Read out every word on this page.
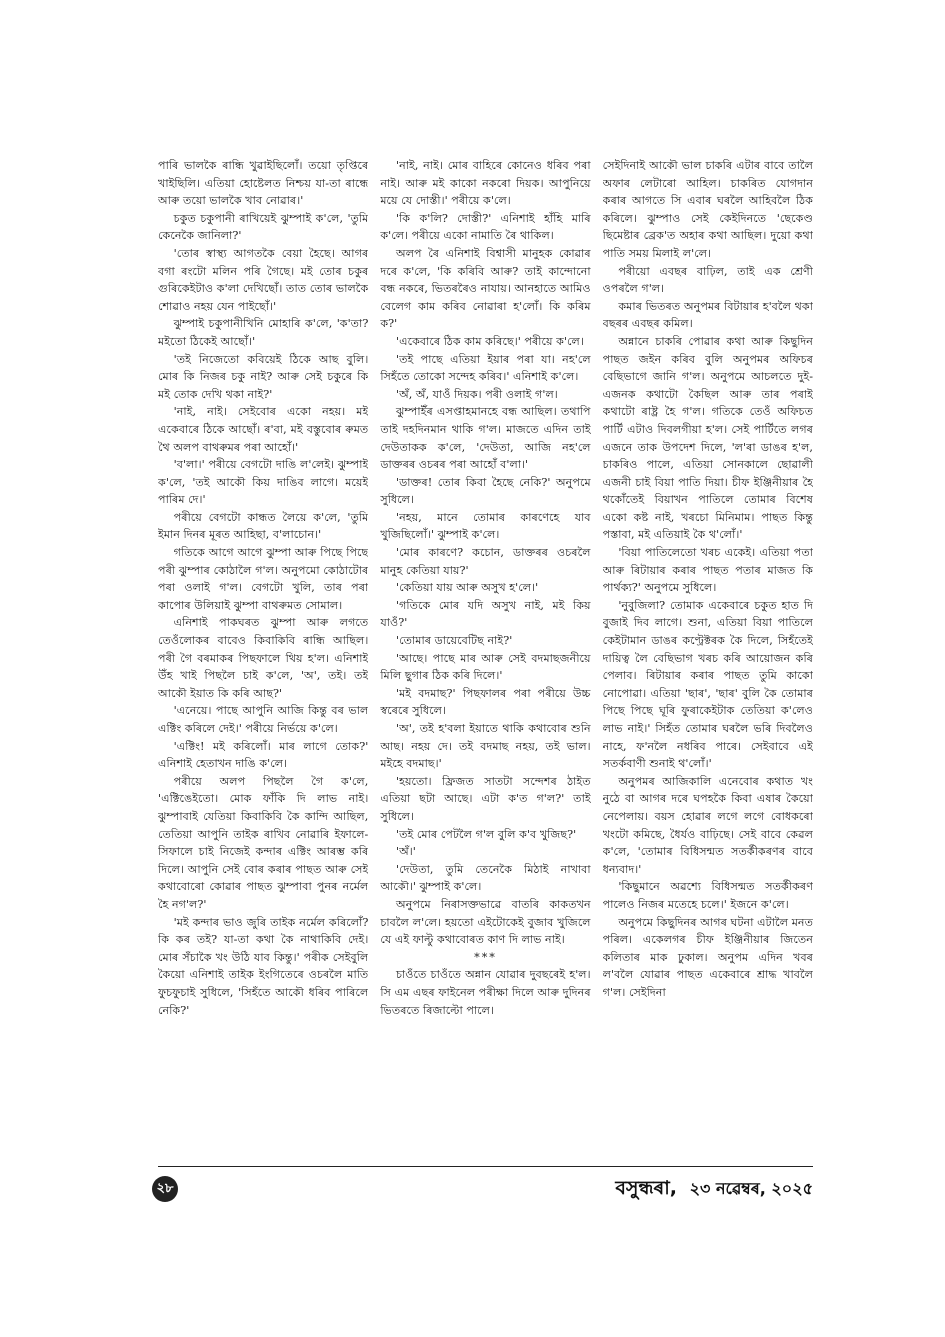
পাৰি ভালকৈ ৰান্ধি খুৱাইছিলোঁ। তয়ো তৃপ্তিৰে খাইছিলি। এতিয়া হোষ্টেলত নিশ্চয় যা-তা ৰান্ধে আৰু তয়ো ভালকৈ খাব নোৱাৰ।'

চকুত চকুপানী ৰাখিয়েই ঝুম্পাই ক'লে, 'তুমি কেনেকৈ জানিলা?'

'তোৰ স্বাস্থ্য আগতকৈ বেয়া হৈছে। আগৰ বগা ৰংটো মলিন পৰি গৈছে। মই তোৰ চকুৰ গুৰিকেইটাও ক'লা দেখিছোঁ। তাত তোৰ ভালকৈ শোৱাও নহয় যেন পাইছোঁ।'

ঝুম্পাই চকুপানীখিনি মোহাৰি ক'লে, 'ক'তা? মইতো ঠিকেই আছোঁ।'

'তই নিজেতো কবিয়েই ঠিকে আছ বুলি। মোৰ কি নিজৰ চকু নাই? আৰু সেই চকুৰে কি মই তোক দেখি থকা নাই?'

'নাই, নাই। সেইবোৰ একো নহয়। মই একেবাৰে ঠিকে আছোঁ। ৰ'বা, মই বস্তুবোৰ ৰুমত থৈ অলপ বাথৰুমৰ পৰা আহোঁ।'

'ব'লা।' পৰীয়ে বেগটো দাঙি ল'লেই। ঝুম্পাই ক'লে, 'তই আকৌ কিয় দাঙিব লাগে। ময়েই পাৰিম দে।'

পৰীয়ে বেগটো কান্ধত লৈয়ে ক'লে, 'তুমি ইমান দিনৰ মূৰত আহিছা, ব'লাচোন।'

গতিকে আগে আগে ঝুম্পা আৰু পিছে পিছে পৰী ঝুম্পাৰ কোঠালৈ গ'ল। অনুপমো কোঠাটোৰ পৰা ওলাই গ'ল। বেগটো খুলি, তাৰ পৰা কাপোৰ উলিয়াই ঝুম্পা বাথৰুমত সোমাল।

এনিশাই পাকঘৰত ঝুম্পা আৰু লগতে তেওঁলোকৰ বাবেও কিবাকিবি ৰান্ধি আছিল। পৰী গৈ বৰমাকৰ পিছফালে থিয় হ'ল। এনিশাই উঁহ খাই পিছলৈ চাই ক'লে, 'অ', তই। তই আকৌ ইয়াত কি কৰি আছ?'

'এনেয়ে। পাছে আপুনি আজি কিন্তু বৰ ভাল এক্টিং কৰিলে দেই।' পৰীয়ে নিৰ্ভয়ে ক'লে।

'এক্টিং! মই কৰিলোঁ। মাৰ লাগে তোক?' এনিশাই হেতাখন দাঙি ক'লে।

পৰীয়ে অলপ পিছলৈ গৈ ক'লে, 'এক্টিঙেইতো। মোক ফাঁকি দি লাভ নাই। ঝুম্পাবাই যেতিয়া কিবাকিবি কৈ কান্দি আছিল, তেতিয়া আপুনি তাইক ৰাখিব নোৱাৰি ইফালে-সিফালে চাই নিজেই কন্দাৰ এক্টিং আৰম্ভ কৰি দিলে। আপুনি সেই বোৰ কৰাৰ পাছত আৰু সেই কথাবোৰো কোৱাৰ পাছত ঝুম্পাবা পুনৰ নৰ্মেল হৈ নগ'ল?'

'মই কন্দাৰ ভাও জুৰি তাইক নৰ্মেল কৰিলোঁ? কি কৰ তই? যা-তা কথা কৈ নাথাকিবি দেই। মোৰ সঁচাকৈ খং উঠি যাব কিন্তু।' পৰীক সেইবুলি কৈয়ো এনিশাই তাইক ইংগিতেৰে ওচৰলৈ মাতি ফুচফুচাই সুধিলে, 'সিহঁতে আকৌ ধৰিব পাৰিলে নেকি?'

'নাই, নাই। মোৰ বাহিৰে কোনেও ধৰিব পৰা নাই। আৰু মই কাকো নকৰো দিয়ক। আপুনিয়ে ময়ে যে দোস্তী।' পৰীয়ে ক'লে।

'কি ক'লি? দোস্তী?' এনিশাই হাঁহি মাৰি ক'লে। পৰীয়ে একো নামাতি ৰৈ থাকিল।

অলপ ৰৈ এনিশাই বিশ্বাসী মানুহক কোৱাৰ দৰে ক'লে, 'কি কৰিবি আৰু? তাই কান্দোনো বন্ধ নকৰে, ভিতৰৰৈও নাযায়। আনহাতে আমিও বেলেগ কাম কৰিব নোৱাৰা হ'লোঁ। কি কৰিম ক?'

'একেবাৰে ঠিক কাম কৰিছে।' পৰীয়ে ক'লে।

'তই পাছে এতিয়া ইয়াৰ পৰা যা। নহ'লে সিহঁতে তোকো সন্দেহ কৰিব।' এনিশাই ক'লে।

'অঁ, অঁ, যাওঁ দিয়ক। পৰী ওলাই গ'ল।

ঝুম্পাইঁৰ এসপ্তাহমানহে বন্ধ আছিল। তথাপি তাই দহদিনমান থাকি গ'ল। মাজতে এদিন তাই দেউতাকক ক'লে, 'দেউতা, আজি নহ'লে ডাক্তৰৰ ওচৰৰ পৰা আহোঁ ব'লা।'

'ডাক্তৰ! তোৰ কিবা হৈছে নেকি?' অনুপমে সুধিলে।

'নহয়, মানে তোমাৰ কাৰণেহে যাব খুজিছিলোঁ।' ঝুম্পাই ক'লে।

'মোৰ কাৰণে? কচোন, ডাক্তৰৰ ওচৰলৈ মানুহ কেতিয়া যায়?'

'কেতিয়া যায় আৰু অসুখ হ'লে।'

'গতিকে মোৰ যদি অসুখ নাই, মই কিয় যাওঁ?'

'তোমাৰ ডায়েবেটিছ নাই?'

'আছে। পাছে মাৰ আৰু সেই বদমাছজনীয়ে মিলি ছুগাৰ ঠিক কৰি দিলে।'

'মই বদমাছ?' পিছফালৰ পৰা পৰীয়ে উচ্চ স্বৰেৰে সুধিলে।

'অ', তই হ'বলা ইয়াতে থাকি কথাবোৰ শুনি আছ। নহয় দে। তই বদমাছ নহয়, তই ভাল। মইহে বদমাছ।'

'হয়তো। ফ্ৰিজত সাতটা সন্দেশৰ ঠাইত এতিয়া ছটা আছে। এটা ক'ত গ'ল?' তাই সুধিলে।

'তই মোৰ পেটলৈ গ'ল বুলি ক'ব খুজিছ?'

'অঁ।'

'দেউতা, তুমি তেনেকৈ মিঠাই নাখাবা আকৌ।' ঝুম্পাই ক'লে।

অনুপমে নিৰাসক্তভাৱে বাতৰি কাকতখন চাবলৈ ল'লে। হয়তো এইটোকেই বুজাব খুজিলে যে এই ফাল্টু কথাবোৰত কাণ দি লাভ নাই।

***

চাওঁতে চাওঁতে অন্নান যোৱাৰ দুবছৰেই হ'ল। সি এম এছৰ ফাইনেল পৰীক্ষা দিলে আৰু দুদিনৰ ভিতৰতে ৰিজাল্টো পালে।

সেইদিনাই আকৌ ভাল চাকৰি এটাৰ বাবে তালৈ অফাৰ লেটাৰো আহিল। চাকৰিত যোগদান কৰাৰ আগতে সি এবাৰ ঘৰলৈ আহিবলৈ ঠিক কৰিলে। ঝুম্পাও সেই কেইদিনতে 'ছেকেণ্ড ছিমেষ্টাৰ ব্ৰেক'ত অহাৰ কথা আছিল। দুয়ো কথা পাতি সময় মিলাই ল'লে।

পৰীয়ো এবছৰ বাঢ়িল, তাই এক শ্ৰেণী ওপৰলৈ গ'ল।

কমাৰ ভিতৰত অনুপমৰ বিটায়াৰ হ'বলৈ থকা বছৰৰ এবছৰ কমিল।

অন্নানে চাকৰি পোৱাৰ কথা আৰু কিছুদিন পাছত জইন কৰিব বুলি অনুপমৰ অফিচৰ বেছিভাগে জানি গ'ল। অনুপমে আচলতে দুই-এজনক কথাটো কৈছিল আৰু তাৰ পৰাই কথাটো ৰাষ্ট্ৰ হৈ গ'ল। গতিকে তেওঁ অফিচত পাৰ্টি এটাও দিবলগীয়া হ'ল। সেই পাৰ্টিতে লগৰ এজনে তাক উপদেশ দিলে, 'ল'ৰা ডাঙৰ হ'ল, চাকৰিও পালে, এতিয়া সোনকালে ছোৱালী এজনী চাই বিয়া পাতি দিয়া। চীফ ইঞ্জিনীয়াৰ হৈ থকোঁতেই বিয়াখন পাতিলে তোমাৰ বিশেষ একো কষ্ট নাই, খৰচো মিনিমাম। পাছত কিন্তু পস্তাবা, মই এতিয়াই কৈ থ'লোঁ।'

'বিয়া পাতিলেতো খৰচ একেই। এতিয়া পতা আৰু ৰিটায়াৰ কৰাৰ পাছত পতাৰ মাজত কি পাৰ্থক্য?' অনুপমে সুধিলে।

'নুবুজিলা? তোমাক একেবাৰে চকুত হাত দি বুজাই দিব লাগে। শুনা, এতিয়া বিয়া পাতিলে কেইটামান ডাঙৰ কণ্ট্ৰেক্টৰক কৈ দিলে, সিহঁতেই দায়িত্ব লৈ বেছিভাগ খৰচ কৰি আয়োজন কৰি পেলাব। ৰিটায়াৰ কৰাৰ পাছত তুমি কাকো নোপোৱা। এতিয়া 'ছাৰ', 'ছাৰ' বুলি কৈ তোমাৰ পিছে পিছে ঘূৰি ফুৰাকেইটাক তেতিয়া ক'লেও লাভ নাই।' সিহঁত তোমাৰ ঘৰলৈ ভৰি দিবলৈও নাহে, ফ'নলৈ নধৰিব পাৰে। সেইবাবে এই সতৰ্কবাণী শুনাই থ'লোঁ।'

অনুপমৰ আজিকালি এনেবোৰ কথাত খং নুঠে বা আগৰ দৰে ঘপহকৈ কিবা এষাৰ কৈয়ো নেপেলায়। বয়স হোৱাৰ লগে লগে বোধকৰো খংটো কমিছে, ধৈৰ্যও বাঢ়িছে। সেই বাবে কেৱল ক'লে, 'তোমাৰ বিধিসন্মত সতৰ্কীকৰণৰ বাবে ধন্যবাদ।'

'কিছুমানে অৱশ্যে বিধিসন্মত সতৰ্কীকৰণ পালেও নিজৰ মতেহে চলে।' ইজনে ক'লে।

অনুপমে কিছুদিনৰ আগৰ ঘটনা এটালৈ মনত পৰিল। একেলগৰ চীফ ইঞ্জিনীয়াৰ জিতেন কলিতাৰ মাক ঢুকাল। অনুপম এদিন খবৰ ল'বলৈ যোৱাৰ পাছত একেবাৰে শ্ৰাদ্ধ খাবলৈ গ'ল। সেইদিনা

২৮	বসুন্ধৰা, ২৩ নৱেম্বৰ, ২০২৫
